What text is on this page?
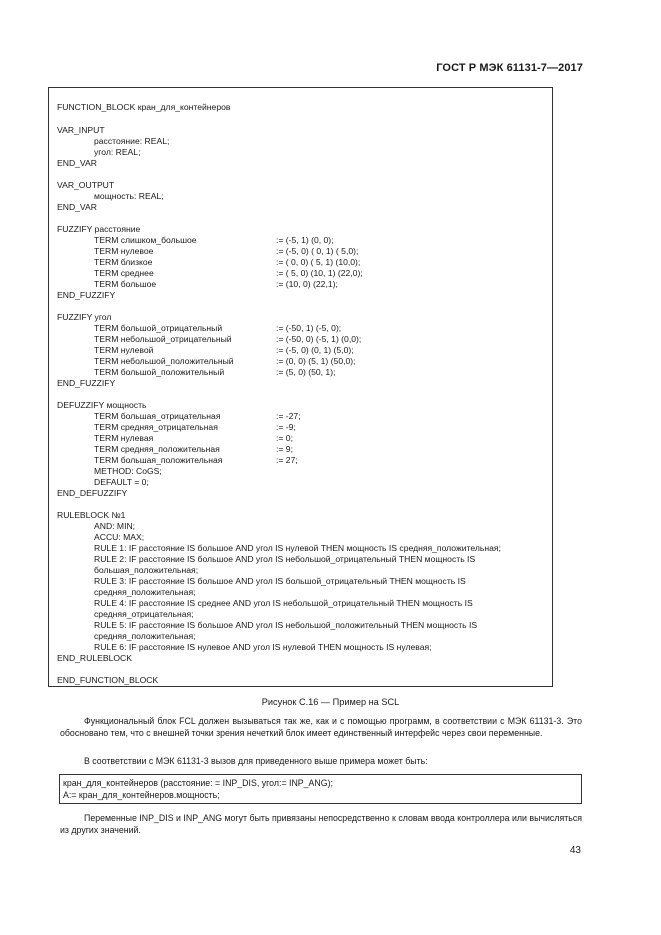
ГОСТ Р МЭК 61131-7—2017
FUNCTION_BLOCK кран_для_контейнеров
VAR_INPUT
расстояние: REAL;
угол: REAL;
END_VAR
VAR_OUTPUT
мощность: REAL;
END_VAR
FUZZIFY расстояние
TERM слишком_большое	:= (-5, 1) (0, 0);
TERM нулевое	:= (-5, 0) ( 0, 1) ( 5,0);
TERM близкое	:= ( 0, 0) ( 5, 1) (10,0);
TERM среднее	:= ( 5, 0) (10, 1) (22,0);
TERM большое	:= (10, 0) (22,1);
END_FUZZIFY
FUZZIFY угол
TERM большой_отрицательный	:= (-50, 1) (-5, 0);
TERM небольшой_отрицательный	:= (-50, 0) (-5, 1) (0,0);
TERM нулевой	:= (-5, 0) (0, 1) (5,0);
TERM небольшой_положительный	:= (0, 0) (5, 1) (50,0);
TERM большой_положительный	:= (5, 0) (50, 1);
END_FUZZIFY
DEFUZZIFY мощность
TERM большая_отрицательная	:= -27;
TERM средняя_отрицательная	:= -9;
TERM нулевая	:= 0;
TERM средняя_положительная	:= 9;
TERM большая_положительная	:= 27;
METHOD: CoGS;
DEFAULT = 0;
END_DEFUZZIFY
RULEBLOCK №1
AND: MIN;
ACCU: MAX;
RULE 1: IF расстояние IS большое AND угол IS нулевой THEN мощность IS средняя_положительная;
RULE 2: IF расстояние IS большое AND угол IS небольшой_отрицательный THEN мощность IS
большая_положительная;
RULE 3: IF расстояние IS большое AND угол IS большой_отрицательный THEN мощность IS
средняя_положительная;
RULE 4: IF расстояние IS среднее AND угол IS небольшой_отрицательный THEN мощность IS
средняя_отрицательная;
RULE 5: IF расстояние IS большое AND угол IS небольшой_положительный THEN мощность IS
средняя_положительная;
RULE 6: IF расстояние IS нулевое AND угол IS нулевой THEN мощность IS нулевая;
END_RULEBLOCK
END_FUNCTION_BLOCK
Рисунок С.16 — Пример на SCL
Функциональный блок FCL должен вызываться так же, как и с помощью программ, в соответствии с МЭК 61131-3. Это обосновано тем, что с внешней точки зрения нечеткий блок имеет единственный интерфейс через свои переменные.
В соответствии с МЭК 61131-3 вызов для приведенного выше примера может быть:
кран_для_контейнеров (расстояние: = INP_DIS, угол:= INP_ANG);
A:= кран_для_контейнеров.мощность;
Переменные INP_DIS и INP_ANG могут быть привязаны непосредственно к словам ввода контроллера или вычисляться из других значений.
43
